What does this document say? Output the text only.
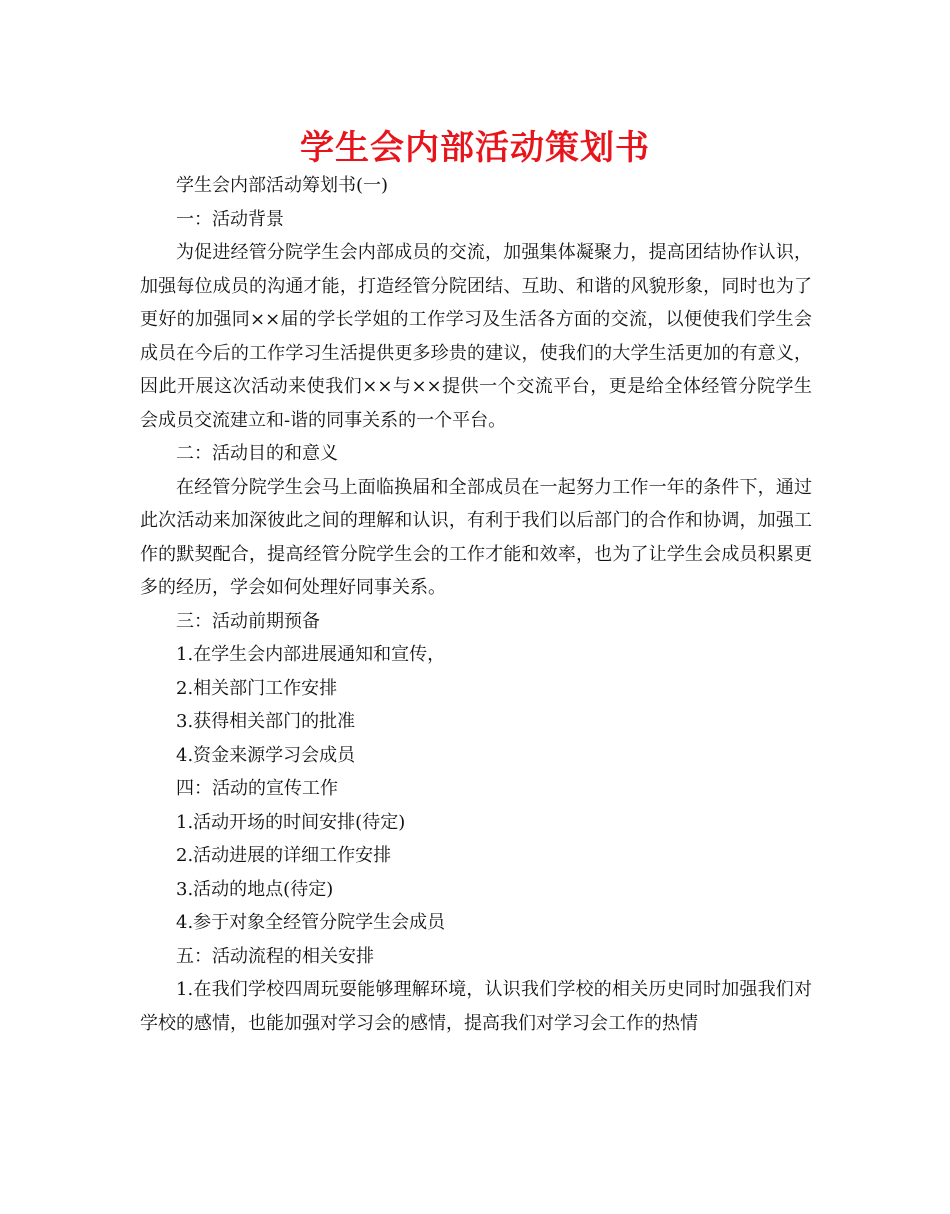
学生会内部活动策划书

学生会内部活动筹划书(一)

一：活动背景

为促进经管分院学生会内部成员的交流，加强集体凝聚力，提高团结协作认识，加强每位成员的沟通才能，打造经管分院团结、互助、和谐的风貌形象，同时也为了更好的加强同××届的学长学姐的工作学习及生活各方面的交流，以便使我们学生会成员在今后的工作学习生活提供更多珍贵的建议，使我们的大学生活更加的有意义，因此开展这次活动来使我们××与××提供一个交流平台，更是给全体经管分院学生会成员交流建立和-谐的同事关系的一个平台。

二：活动目的和意义

在经管分院学生会马上面临换届和全部成员在一起努力工作一年的条件下，通过此次活动来加深彼此之间的理解和认识，有利于我们以后部门的合作和协调，加强工作的默契配合，提高经管分院学生会的工作才能和效率，也为了让学生会成员积累更多的经历，学会如何处理好同事关系。

三：活动前期预备

1.在学生会内部进展通知和宣传，

2.相关部门工作安排

3.获得相关部门的批准

4.资金来源学习会成员

四：活动的宣传工作

1.活动开场的时间安排(待定)

2.活动进展的详细工作安排

3.活动的地点(待定)

4.参于对象全经管分院学生会成员

五：活动流程的相关安排

1.在我们学校四周玩耍能够理解环境，认识我们学校的相关历史同时加强我们对学校的感情，也能加强对学习会的感情，提高我们对学习会工作的热情
